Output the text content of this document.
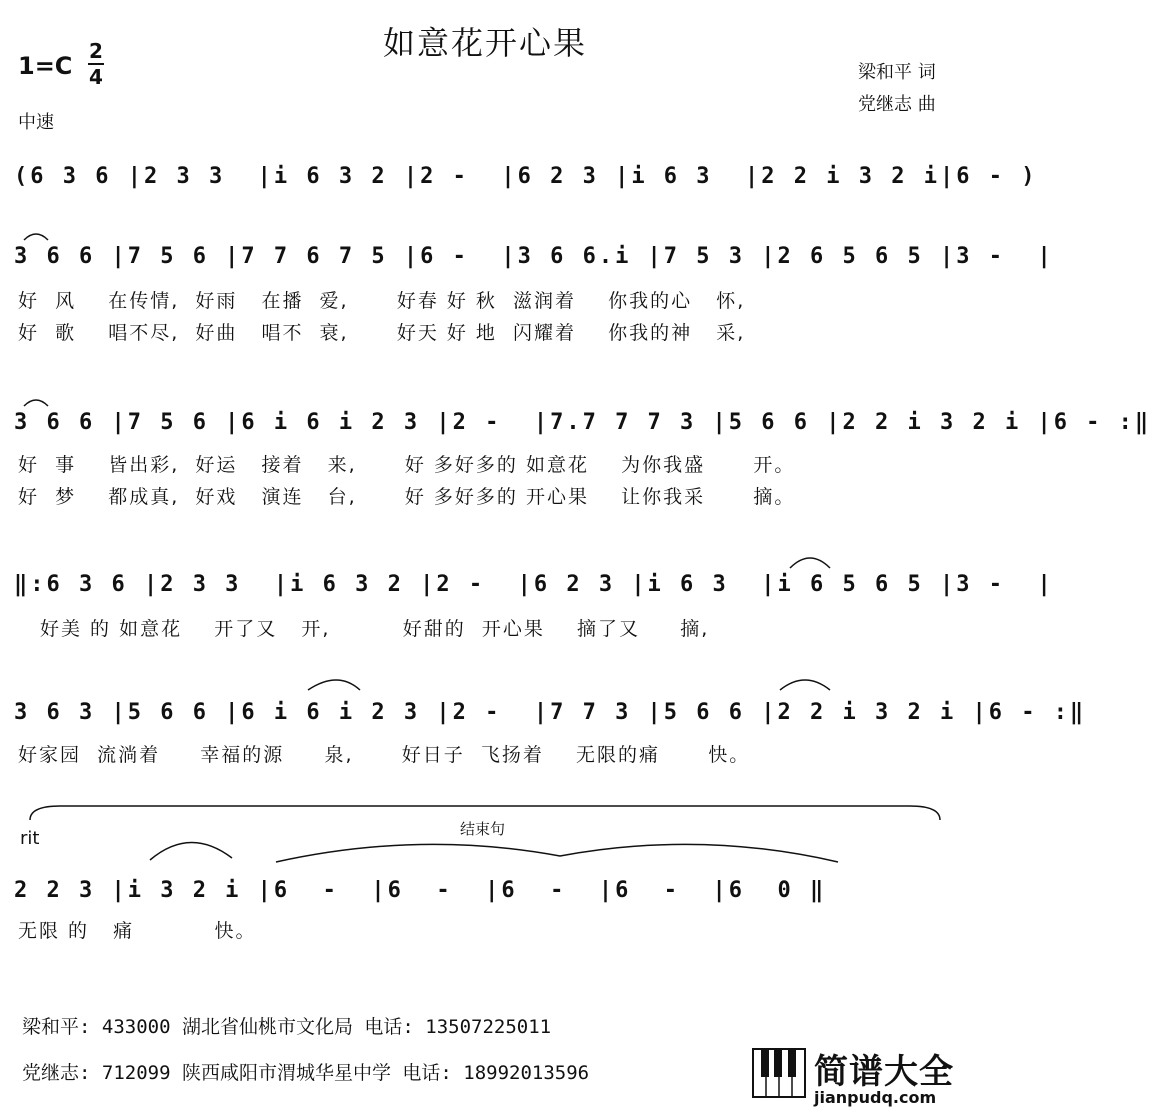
如意花开心果
1=C
2
4
中速
梁和平 词
党继志 曲
(6 3 6 |2 3 3  |i 6 3 2 |2 -  |6 2 3 |i 6 3  |2 2 i 3 2 i|6 - )
3 6 6 |7 5 6 |7 7 6 7 5 |6 -  |3 6 6.i |7 5 3 |2 6 5 6 5 |3 -  |
好  风    在传情,  好雨   在播  爱,      好春 好 秋  滋润着    你我的心   怀,
好  歌    唱不尽,  好曲   唱不  衰,      好天 好 地  闪耀着    你我的神   采,
3 6 6 |7 5 6 |6 i 6 i 2 3 |2 -  |7.7 7 7 3 |5 6 6 |2 2 i 3 2 i |6 - :‖
好  事    皆出彩,  好运   接着   来,      好 多好多的 如意花    为你我盛      开。
好  梦    都成真,  好戏   演连   台,      好 多好多的 开心果    让你我采      摘。
‖:6 3 6 |2 3 3  |i 6 3 2 |2 -  |6 2 3 |i 6 3  |i 6 5 6 5 |3 -  |
好美 的 如意花    开了又   开,         好甜的  开心果    摘了又     摘,
3 6 3 |5 6 6 |6 i 6 i 2 3 |2 -  |7 7 3 |5 6 6 |2 2 i 3 2 i |6 - :‖
好家园  流淌着     幸福的源     泉,      好日子  飞扬着    无限的痛      快。
rit	结束句
2 2 3 |i 3 2 i |6  -  |6  -  |6  -  |6  -  |6  0 ‖
无限 的   痛          快。
梁和平: 433000 湖北省仙桃市文化局 电话: 13507225011
党继志: 712099 陕西咸阳市渭城华星中学 电话: 18992013596	简谱大全
jianpudq.com
